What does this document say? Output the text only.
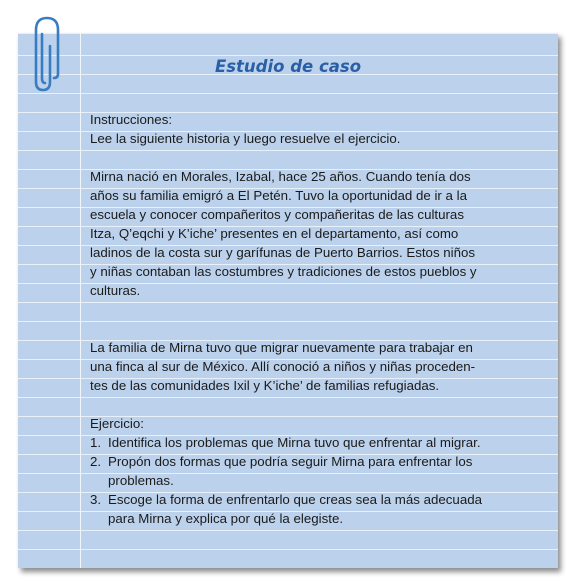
Estudio de caso

Instrucciones:

Lee la siguiente historia y luego resuelve el ejercicio.

Mirna nació en Morales, Izabal, hace 25 años. Cuando tenía dos

años su familia emigró a El Petén. Tuvo la oportunidad de ir a la

escuela y conocer compañeritos y compañeritas de las culturas

Itza, Q’eqchi y K’iche’ presentes en el departamento, así como

ladinos de la costa sur y garífunas de Puerto Barrios. Estos niños

y niñas contaban las costumbres y tradiciones de estos pueblos y

culturas.

La familia de Mirna tuvo que migrar nuevamente para trabajar en

una finca al sur de México. Allí conoció a niños y niñas proceden-

tes de las comunidades Ixil y K’iche’ de familias refugiadas.

Ejercicio:

1. Identifica los problemas que Mirna tuvo que enfrentar al migrar.
2. Propón dos formas que podría seguir Mirna para enfrentar los
problemas.
3. Escoge la forma de enfrentarlo que creas sea la más adecuada
para Mirna y explica por qué la elegiste.
